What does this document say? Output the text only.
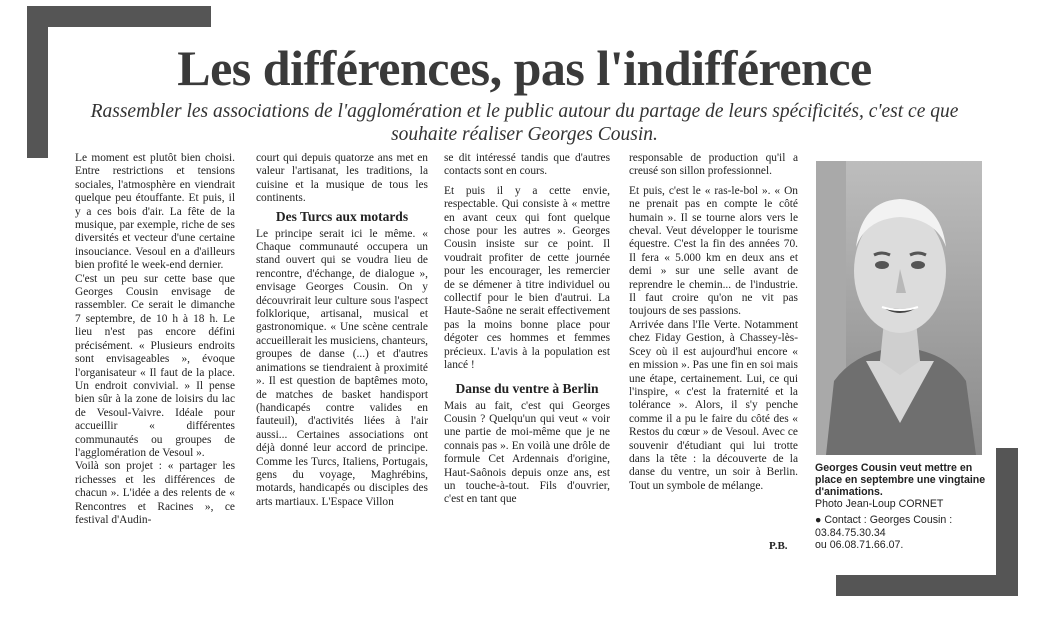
Les différences, pas l'indifférence
Rassembler les associations de l'agglomération et le public autour du partage de leurs spécificités, c'est ce que souhaite réaliser Georges Cousin.

Le moment est plutôt bien choisi. Entre restrictions et tensions sociales, l'atmosphère en viendrait quelque peu étouffante. Et puis, il y a ces bois d'air. La fête de la musique, par exemple, riche de ses diversités et vecteur d'une certaine insouciance. Vesoul en a d'ailleurs bien profité le week-end dernier.

C'est un peu sur cette base que Georges Cousin envisage de rassembler. Ce serait le dimanche 7 septembre, de 10 h à 18 h. Le lieu n'est pas encore défini précisément. « Plusieurs endroits sont envisageables », évoque l'organisateur « Il faut de la place. Un endroit convivial. » Il pense bien sûr à la zone de loisirs du lac de Vesoul-Vaivre. Idéale pour accueillir « différentes communautés ou groupes de l'agglomération de Vesoul ».

Voilà son projet : « partager les richesses et les différences de chacun ». L'idée a des relents de « Rencontres et Racines », ce festival d'Audin-

court qui depuis quatorze ans met en valeur l'artisanat, les traditions, la cuisine et la musique de tous les continents.

Des Turcs aux motards

Le principe serait ici le même. « Chaque communauté occupera un stand ouvert qui se voudra lieu de rencontre, d'échange, de dialogue », envisage Georges Cousin. On y découvrirait leur culture sous l'aspect folklorique, artisanal, musical et gastronomique. « Une scène centrale accueillerait les musiciens, chanteurs, groupes de danse (...) et d'autres animations se tiendraient à proximité ». Il est question de baptêmes moto, de matches de basket handisport (handicapés contre valides en fauteuil), d'activités liées à l'air aussi... Certaines associations ont déjà donné leur accord de principe. Comme les Turcs, Italiens, Portugais, gens du voyage, Maghrébins, motards, handicapés ou disciples des arts martiaux. L'Espace Villon

se dit intéressé tandis que d'autres contacts sont en cours.

Et puis il y a cette envie, respectable. Qui consiste à « mettre en avant ceux qui font quelque chose pour les autres ». Georges Cousin insiste sur ce point. Il voudrait profiter de cette journée pour les encourager, les remercier de se démener à titre individuel ou collectif pour le bien d'autrui. La Haute-Saône ne serait effectivement pas la moins bonne place pour dégoter ces hommes et femmes précieux. L'avis à la population est lancé !

Danse du ventre à Berlin

Mais au fait, c'est qui Georges Cousin ? Quelqu'un qui veut « voir une partie de moi-même que je ne connais pas ». En voilà une drôle de formule Cet Ardennais d'origine, Haut-Saônois depuis onze ans, est un touche-à-tout. Fils d'ouvrier, c'est en tant que

responsable de production qu'il a creusé son sillon professionnel.

Et puis, c'est le « ras-le-bol ». « On ne prenait pas en compte le côté humain ». Il se tourne alors vers le cheval. Veut développer le tourisme équestre. C'est la fin des années 70. Il fera « 5.000 km en deux ans et demi » sur une selle avant de reprendre le chemin... de l'industrie. Il faut croire qu'on ne vit pas toujours de ses passions.

Arrivée dans l'Ile Verte. Notamment chez Fiday Gestion, à Chassey-lès-Scey où il est aujourd'hui encore « en mission ». Pas une fin en soi mais une étape, certainement. Lui, ce qui l'inspire, « c'est la fraternité et la tolérance ». Alors, il s'y penche comme il a pu le faire du côté des « Restos du cœur » de Vesoul. Avec ce souvenir d'étudiant qui lui trotte dans la tête : la découverte de la danse du ventre, un soir à Berlin. Tout un symbole de mélange.

P.B.
Georges Cousin veut mettre en place en septembre une vingtaine d'animations.
Photo Jean-Loup CORNET
● Contact : Georges Cousin :
03.84.75.30.34
ou 06.08.71.66.07.
